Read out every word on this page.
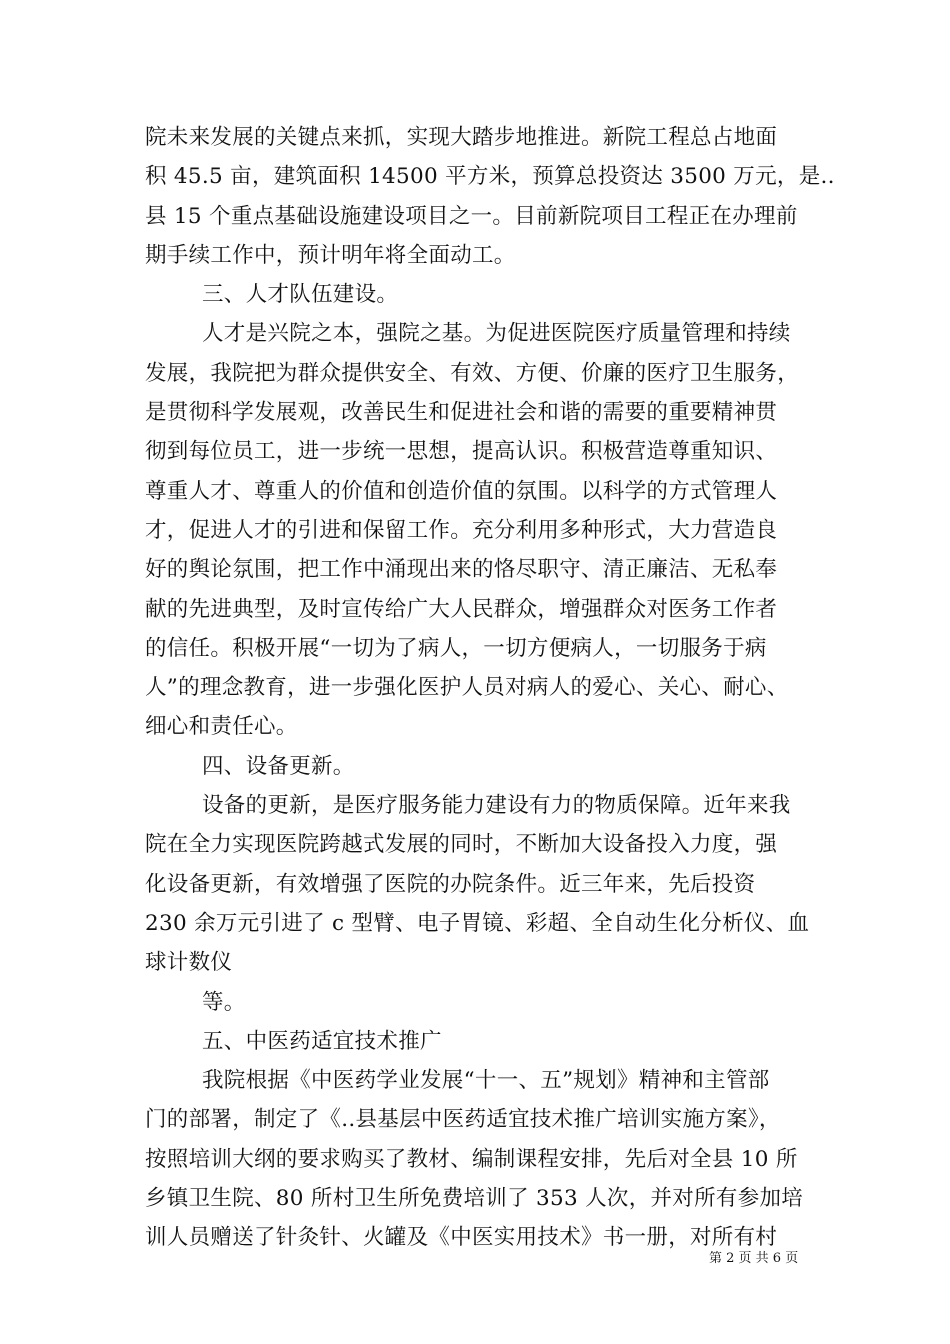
院未来发展的关键点来抓，实现大踏步地推进。新院工程总占地面
积 45.5 亩，建筑面积 14500 平方米，预算总投资达 3500 万元，是..
县 15 个重点基础设施建设项目之一。目前新院项目工程正在办理前
期手续工作中，预计明年将全面动工。
三、人才队伍建设。
人才是兴院之本，强院之基。为促进医院医疗质量管理和持续
发展，我院把为群众提供安全、有效、方便、价廉的医疗卫生服务，
是贯彻科学发展观，改善民生和促进社会和谐的需要的重要精神贯
彻到每位员工，进一步统一思想，提高认识。积极营造尊重知识、
尊重人才、尊重人的价值和创造价值的氛围。以科学的方式管理人
才，促进人才的引进和保留工作。充分利用多种形式，大力营造良
好的舆论氛围，把工作中涌现出来的恪尽职守、清正廉洁、无私奉
献的先进典型，及时宣传给广大人民群众，增强群众对医务工作者
的信任。积极开展“一切为了病人，一切方便病人，一切服务于病
人”的理念教育，进一步强化医护人员对病人的爱心、关心、耐心、
细心和责任心。
四、设备更新。
设备的更新，是医疗服务能力建设有力的物质保障。近年来我
院在全力实现医院跨越式发展的同时，不断加大设备投入力度，强
化设备更新，有效增强了医院的办院条件。近三年来，先后投资
230 余万元引进了 c 型臂、电子胃镜、彩超、全自动生化分析仪、血
球计数仪
等。
五、中医药适宜技术推广
我院根据《中医药学业发展“十一、五”规划》精神和主管部
门的部署，制定了《..县基层中医药适宜技术推广培训实施方案》，
按照培训大纲的要求购买了教材、编制课程安排，先后对全县 10 所
乡镇卫生院、80 所村卫生所免费培训了 353 人次，并对所有参加培
训人员赠送了针灸针、火罐及《中医实用技术》书一册，对所有村
第 2 页 共 6 页
